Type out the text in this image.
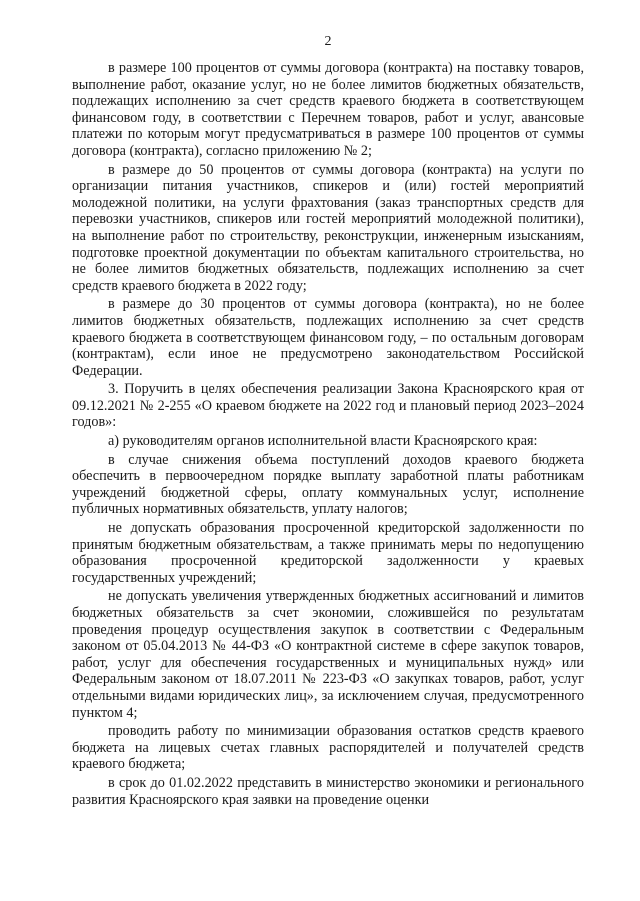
2

в размере 100 процентов от суммы договора (контракта) на поставку товаров, выполнение работ, оказание услуг, но не более лимитов бюджетных обязательств, подлежащих исполнению за счет средств краевого бюджета в соответствующем финансовом году, в соответствии с Перечнем товаров, работ и услуг, авансовые платежи по которым могут предусматриваться в размере 100 процентов от суммы договора (контракта), согласно приложению № 2;

в размере до 50 процентов от суммы договора (контракта) на услуги по организации питания участников, спикеров и (или) гостей мероприятий молодежной политики, на услуги фрахтования (заказ транспортных средств для перевозки участников, спикеров или гостей мероприятий молодежной политики), на выполнение работ по строительству, реконструкции, инженерным изысканиям, подготовке проектной документации по объектам капитального строительства, но не более лимитов бюджетных обязательств, подлежащих исполнению за счет средств краевого бюджета в 2022 году;

в размере до 30 процентов от суммы договора (контракта), но не более лимитов бюджетных обязательств, подлежащих исполнению за счет средств краевого бюджета в соответствующем финансовом году, – по остальным договорам (контрактам), если иное не предусмотрено законодательством Российской Федерации.

3. Поручить в целях обеспечения реализации Закона Красноярского края от 09.12.2021 № 2-255 «О краевом бюджете на 2022 год и плановый период 2023–2024 годов»:

а) руководителям органов исполнительной власти Красноярского края:

в случае снижения объема поступлений доходов краевого бюджета обеспечить в первоочередном порядке выплату заработной платы работникам учреждений бюджетной сферы, оплату коммунальных услуг, исполнение публичных нормативных обязательств, уплату налогов;

не допускать образования просроченной кредиторской задолженности по принятым бюджетным обязательствам, а также принимать меры по недопущению образования просроченной кредиторской задолженности у краевых государственных учреждений;

не допускать увеличения утвержденных бюджетных ассигнований и лимитов бюджетных обязательств за счет экономии, сложившейся по результатам проведения процедур осуществления закупок в соответствии с Федеральным законом от 05.04.2013 № 44-ФЗ «О контрактной системе в сфере закупок товаров, работ, услуг для обеспечения государственных и муниципальных нужд» или Федеральным законом от 18.07.2011 № 223-ФЗ «О закупках товаров, работ, услуг отдельными видами юридических лиц», за исключением случая, предусмотренного пунктом 4;

проводить работу по минимизации образования остатков средств краевого бюджета на лицевых счетах главных распорядителей и получателей средств краевого бюджета;

в срок до 01.02.2022 представить в министерство экономики и регионального развития Красноярского края заявки на проведение оценки
